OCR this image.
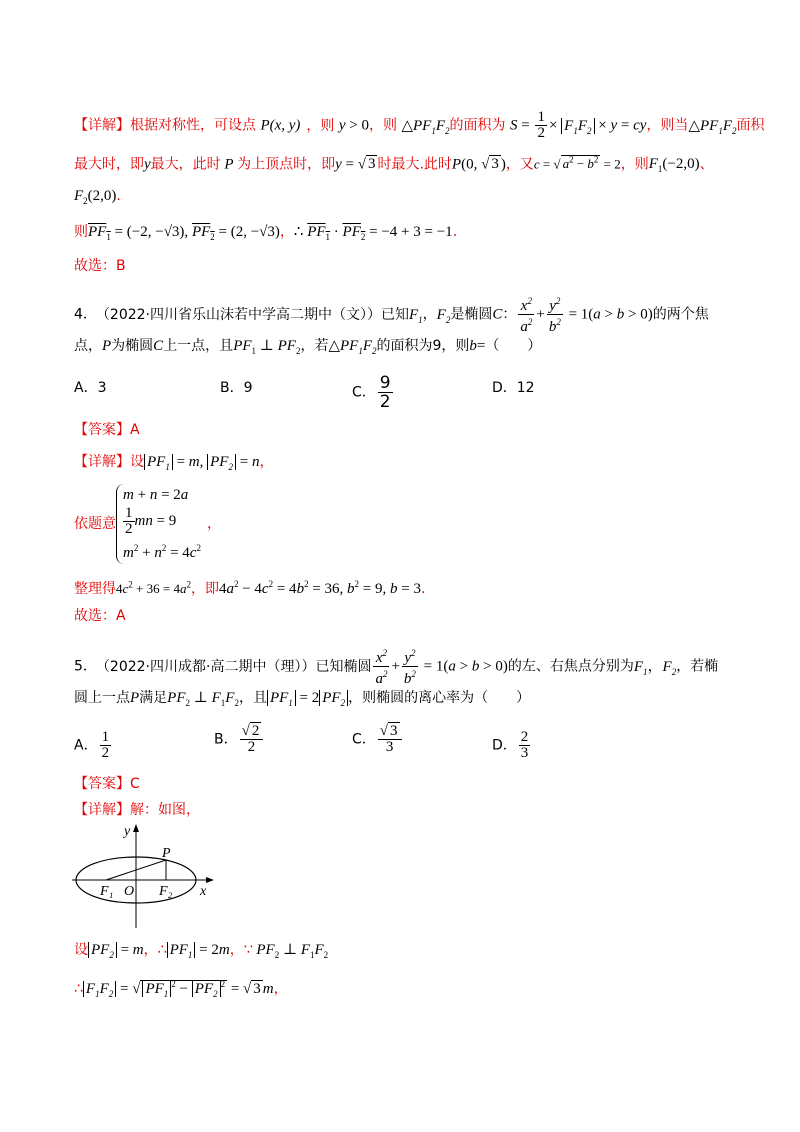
【详解】根据对称性，可设点 P(x, y) ，则 y > 0，则 $\triangle PF_1F_2$的面积为 $S = \frac{1}{2} \times F_1F_2 \times y$ = cy，则当$\triangle PF_1F_2$面积
最大时，即y最大，此时 P 为上顶点时，即y = √ 3 时最大.此时P(0, √ 3 )，又c = √ $a^2 - b^2 = 2$，则$F_1(-2,0)$、
$F_2(2,0)$.
则$PF_1 = (-2$, −√3), $PF_2 = (2$, −√3)，∴ $PF_1 \cdot PF_2 = -4 + 3 = -1$.
故选：B
4． （2022·四川省乐山沫若中学高二期中（文））已知$F_1$，$F_2$是椭圆C： $\frac{x^2}{a^2} + \frac{y^2}{b^2} = 1(a > b > 0)$的两个焦
点，P为椭圆C上一点，且$PF_1$ ⊥ $PF_2$，若$\triangle PF_1F_2$的面积为9，则b=（　　）
A．3	B．9	C． $\frac{9}{2}$	D．12
【答案】A
【详解】设 $PF_1 = m$, $PF_2 = n$，
依题意m + n = 2a

$\frac{1}{2}$ mn = 9
$m^2 + n^2 = 4c^2$，
整理得$4c^2 + 36 = 4a^2$，即$4a^2 - 4c^2 = 4b^2 = 36$, $b^2 = 9$, b = 3.
故选：A
5． （2022·四川成都·高二期中（理））已知椭圆 $\frac{x^2}{a^2} + \frac{y^2}{b^2} = 1(a > b > 0)$的左、右焦点分别为$F_1$，$F_2$，若椭
圆上一点P满足$PF_2$ ⊥ $F_1F_2$，且 $PF_1 = 2$ $PF_2$ ，则椭圆的离心率为（　　）
A． $\frac{1}{2}$	B． $\frac{√ 2}{2}$	C． $\frac{√ 3}{3}$	D． $\frac{2}{3}$
【答案】C
【详解】解：如图，
y
P
F₁ O F₂ x
设 $PF_2 = m$，∴ $PF_1 = 2m$，∵ $PF_2$ ⊥ $F_1F_2$
∴ $F_1F_2$ = √ $PF_1^2 - PF_2^2$ = √ 3 m，
